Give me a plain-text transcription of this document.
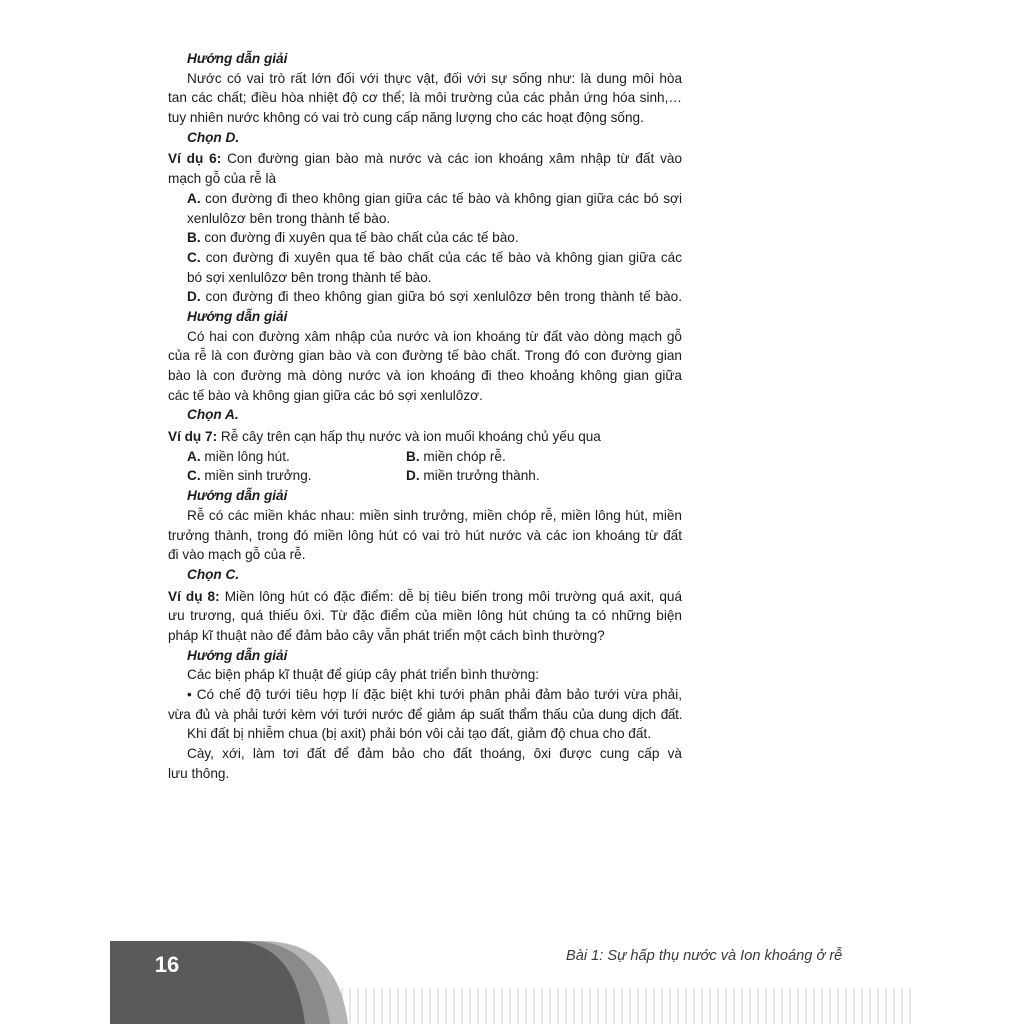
Hướng dẫn giải
Nước có vai trò rất lớn đối với thực vật, đối với sự sống như: là dung môi hòa
tan các chất; điều hòa nhiệt độ cơ thể; là môi trường của các phản ứng hóa sinh,…
tuy nhiên nước không có vai trò cung cấp năng lượng cho các hoạt động sống.
Chọn D.
Ví dụ 6: Con đường gian bào mà nước và các ion khoáng xâm nhập từ đất vào
mạch gỗ của rễ là
A. con đường đi theo không gian giữa các tế bào và không gian giữa các bó sợi
xenlulôzơ bên trong thành tế bào.
B. con đường đi xuyên qua tế bào chất của các tế bào.
C. con đường đi xuyên qua tế bào chất của các tế bào và không gian giữa các
bó sợi xenlulôzơ bên trong thành tế bào.
D. con đường đi theo không gian giữa bó sợi xenlulôzơ bên trong thành tế bào.
Hướng dẫn giải
Có hai con đường xâm nhập của nước và ion khoáng từ đất vào dòng mạch gỗ
của rễ là con đường gian bào và con đường tế bào chất. Trong đó con đường gian
bào là con đường mà dòng nước và ion khoáng đi theo khoảng không gian giữa
các tế bào và không gian giữa các bó sợi xenlulôzơ.
Chọn A.
Ví dụ 7: Rễ cây trên cạn hấp thụ nước và ion muối khoáng chủ yếu qua
A. miền lông hút.	B. miền chóp rễ.
C. miền sinh trưởng.	D. miền trưởng thành.
Hướng dẫn giải
Rễ có các miền khác nhau: miền sinh trưởng, miền chóp rễ, miền lông hút, miền
trưởng thành, trong đó miền lông hút có vai trò hút nước và các ion khoáng từ đất
đi vào mạch gỗ của rễ.
Chọn C.
Ví dụ 8: Miền lông hút có đặc điểm: dễ bị tiêu biến trong môi trường quá axit, quá
ưu trương, quá thiếu ôxi. Từ đặc điểm của miền lông hút chúng ta có những biện
pháp kĩ thuật nào để đảm bảo cây vẫn phát triển một cách bình thường?
Hướng dẫn giải
Các biện pháp kĩ thuật để giúp cây phát triển bình thường:
• Có chế độ tưới tiêu hợp lí đặc biệt khi tưới phân phải đảm bảo tưới vừa phải,
vừa đủ và phải tưới kèm với tưới nước để giảm áp suất thẩm thấu của dung dịch đất.
Khi đất bị nhiễm chua (bị axit) phải bón vôi cải tạo đất, giảm độ chua cho đất.
Cày, xới, làm tơi đất để đảm bảo cho đất thoáng, ôxi được cung cấp và
lưu thông.
16	Bài 1: Sự hấp thụ nước và Ion khoáng ở rễ
